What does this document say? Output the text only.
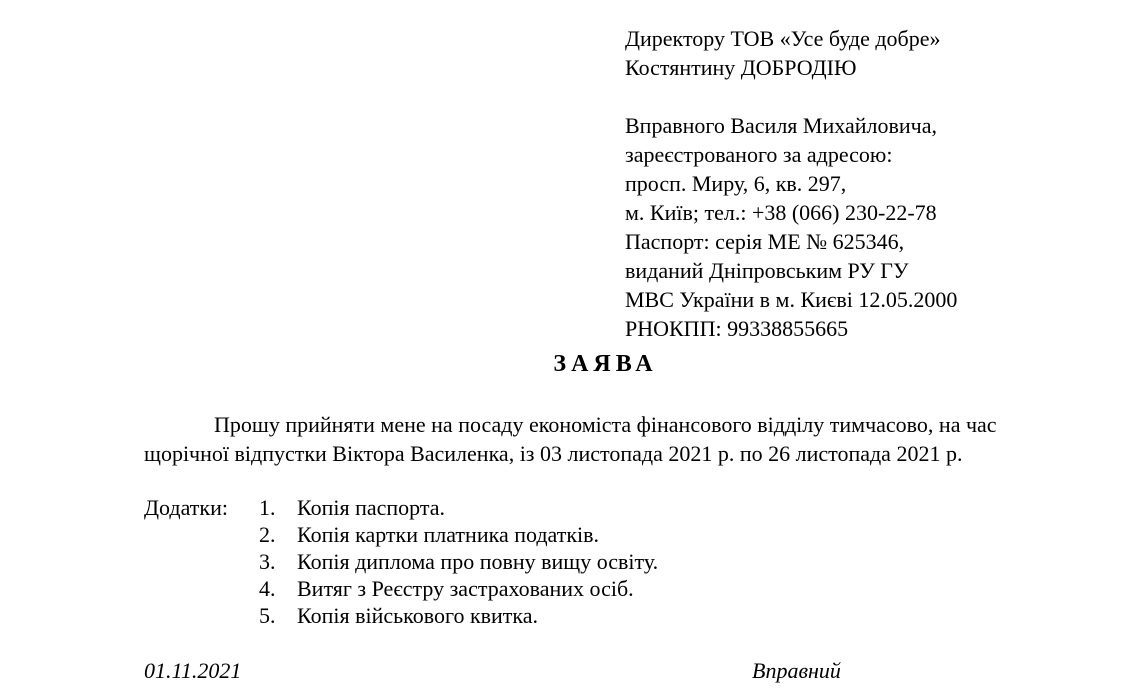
Директору ТОВ «Усе буде добре»
Костянтину ДОБРОДІЮ
Вправного Василя Михайловича,
зареєстрованого за адресою:
просп. Миру, 6, кв. 297,
м. Київ; тел.: +38 (066) 230-22-78
Паспорт: серія МЕ № 625346,
виданий Дніпровським РУ ГУ
МВС України в м. Києві 12.05.2000
РНОКПП: 99338855665
ЗАЯВА
Прошу прийняти мене на посаду економіста фінансового відділу тимчасово, на час
щорічної відпустки Віктора Василенка, із 03 листопада 2021 р. по 26 листопада 2021 р.
Додатки: 1. Копія паспорта.
2. Копія картки платника податків.
3. Копія диплома про повну вищу освіту.
4. Витяг з Реєстру застрахованих осіб.
5. Копія військового квитка.
01.11.2021	Вправний
